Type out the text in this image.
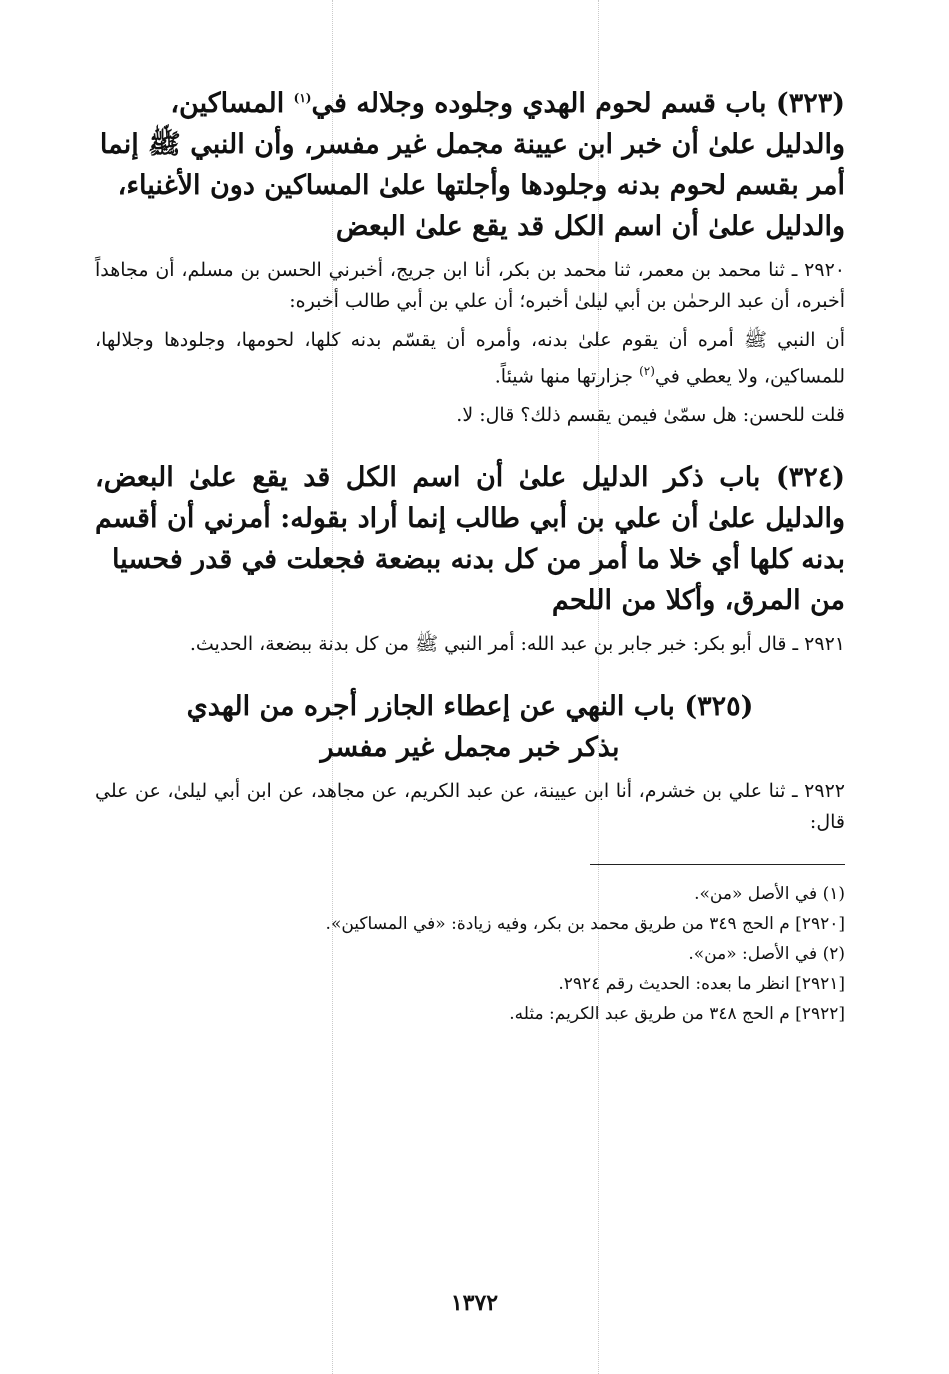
(٣٢٣) باب قسم لحوم الهدي وجلوده وجلاله في$^{(١)}$ المساكين،
والدليل علىٰ أن خبر ابن عيينة مجمل غير مفسر، وأن النبي ﷺ إنما
أمر بقسم لحوم بدنه وجلودها وأجلتها علىٰ المساكين دون الأغنياء،
والدليل علىٰ أن اسم الكل قد يقع علىٰ البعض

٢٩٢٠ ـ ثنا محمد بن معمر، ثنا محمد بن بكر، أنا ابن جريج، أخبرني الحسن بن مسلم، أن مجاهداً أخبره، أن عبد الرحمٰن بن أبي ليلىٰ أخبره؛ أن علي بن أبي طالب أخبره:

أن النبي ﷺ أمره أن يقوم علىٰ بدنه، وأمره أن يقسّم بدنه كلها، لحومها، وجلودها وجلالها، للمساكين، ولا يعطي في$^{(٢)}$ جزارتها منها شيئاً.

قلت للحسن: هل سمّىٰ فيمن يقسم ذلك؟ قال: لا.

(٣٢٤) باب ذكر الدليل علىٰ أن اسم الكل قد يقع علىٰ البعض، والدليل علىٰ أن علي بن أبي طالب إنما أراد بقوله: أمرني أن أقسم بدنه كلها أي خلا ما أمر من كل بدنه ببضعة فجعلت في قدر فحسيا
من المرق، وأكلا من اللحم

٢٩٢١ ـ قال أبو بكر: خبر جابر بن عبد الله: أمر النبي ﷺ من كل بدنة ببضعة، الحديث.

(٣٢٥) باب النهي عن إعطاء الجازر أجره من الهدي
بذكر خبر مجمل غير مفسر

٢٩٢٢ ـ ثنا علي بن خشرم، أنا ابن عيينة، عن عبد الكريم، عن مجاهد، عن ابن أبي ليلىٰ، عن علي قال:

(١) في الأصل «من».
[٢٩٢٠] م الحج ٣٤٩ من طريق محمد بن بكر، وفيه زيادة: «في المساكين».
(٢) في الأصل: «من».
[٢٩٢١] انظر ما بعده: الحديث رقم ٢٩٢٤.
[٢٩٢٢] م الحج ٣٤٨ من طريق عبد الكريم: مثله.
١٣٧٢
